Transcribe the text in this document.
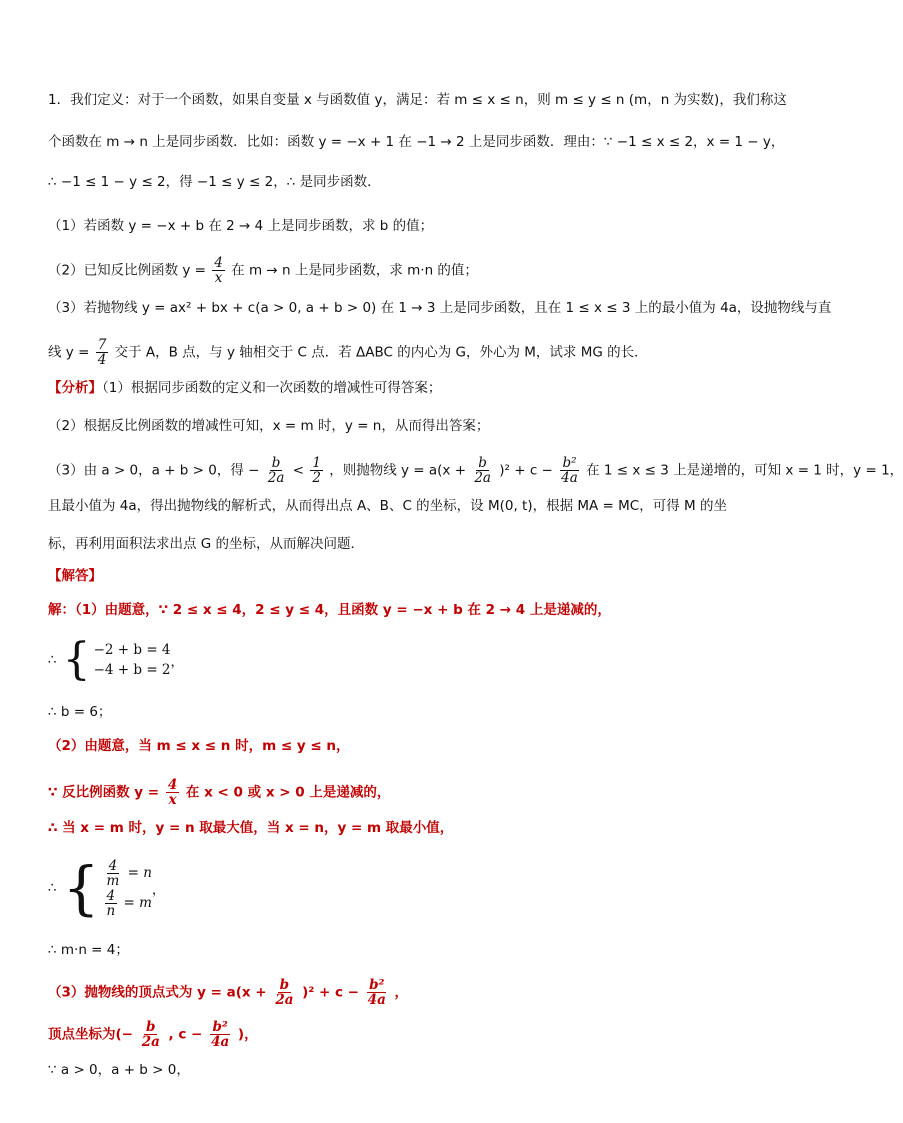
1．我们定义：对于一个函数，如果自变量 x 与函数值 y，满足：若 m ≤ x ≤ n，则 m ≤ y ≤ n (m，n 为实数)，我们称这
个函数在 m → n 上是同步函数．比如：函数 y = −x + 1 在 −1 → 2 上是同步函数．理由：∵ −1 ≤ x ≤ 2，x = 1 − y，
∴ −1 ≤ 1 − y ≤ 2，得 −1 ≤ y ≤ 2，∴ 是同步函数．
（1）若函数 y = −x + b 在 2 → 4 上是同步函数，求 b 的值；
（2）已知反比例函数 $y = \frac{4}{x}$ 在 m → n 上是同步函数，求 m·n 的值；
（3）若抛物线 y = ax² + bx + c(a > 0, a + b > 0) 在 1 → 3 上是同步函数，且在 1 ≤ x ≤ 3 上的最小值为 4a，设抛物线与直
线 $y = \frac{7}{4}$ 交于 A，B 点，与 y 轴相交于 C 点．若 ΔABC 的内心为 G，外心为 M，试求 MG 的长．
【分析】（1）根据同步函数的定义和一次函数的增减性可得答案；
（2）根据反比例函数的增减性可知，x = m 时，y = n，从而得出答案；
（3）由 a > 0，a + b > 0，得 − $\frac{b}{2a} < \frac{1}{2}$ ，则抛物线 $y = a(x + \frac{b}{2a} )^2 + c - \frac{\text{b²}}{4a}$ 在 1 ≤ x ≤ 3 上是递增的，可知 x = 1 时，y = 1，
且最小值为 4a，得出抛物线的解析式，从而得出点 A、B、C 的坐标，设 M(0, t)，根据 MA = MC，可得 M 的坐
标，再利用面积法求出点 G 的坐标，从而解决问题．
【解答】
解：（1）由题意，∵ 2 ≤ x ≤ 4，2 ≤ y ≤ 4，且函数 y = −x + b 在 2 → 4 上是递减的，
∴ { −2 + b = 4
−4 + b = 2 ，
∴ b = 6；
（2）由题意，当 m ≤ x ≤ n 时，m ≤ y ≤ n，
∵ 反比例函数 $y = \frac{4}{x}$ 在 x < 0 或 x > 0 上是递减的，
∴ 当 x = m 时，y = n 取最大值，当 x = n，y = m 取最小值，
∴ { $\frac{4}{m} = n$
$\frac{4}{n} = m$
，
∴ m·n = 4；
（3）抛物线的顶点式为 $y = a(x + \frac{b}{2a} )^2 + c - \frac{\text{b²}}{4a}$ ，
顶点坐标为(− $\frac{b}{2a}$ , $c - \frac{\text{b²}}{4a}$ )，
∵ a > 0，a + b > 0，
